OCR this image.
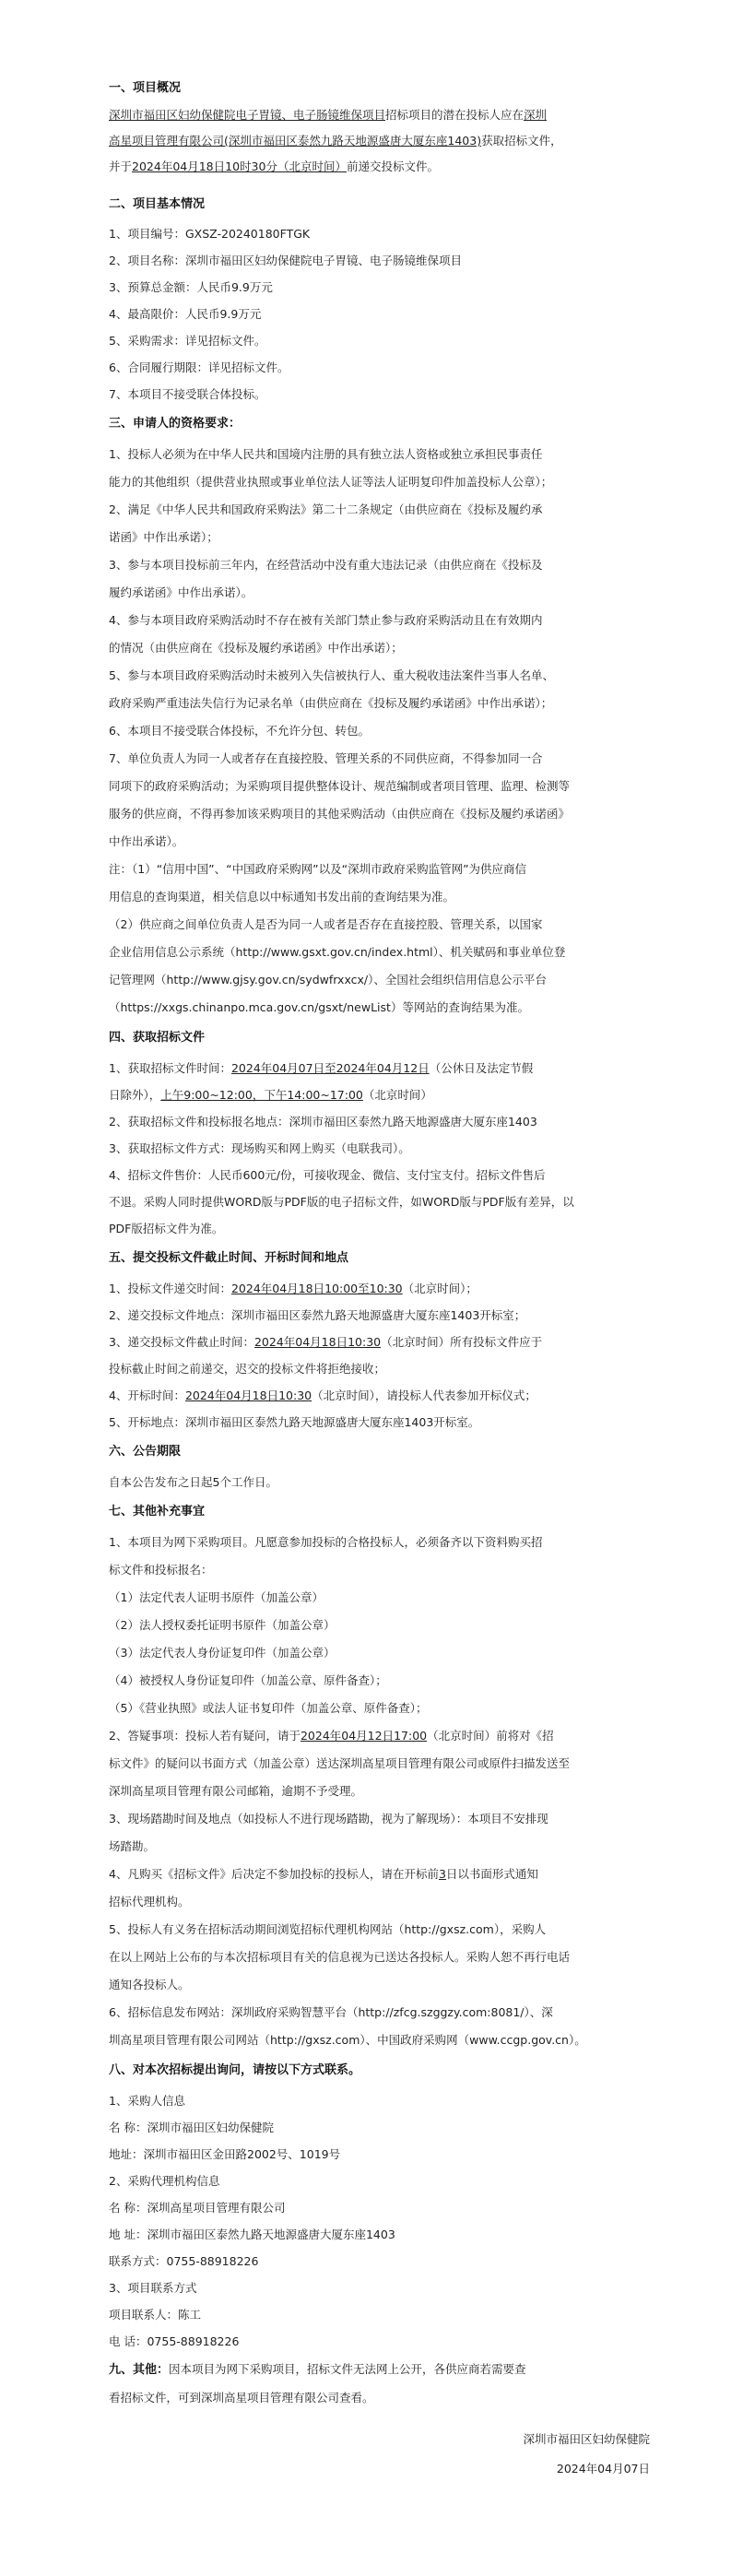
一、项目概况
深圳市福田区妇幼保健院电子胃镜、电子肠镜维保项目招标项目的潜在投标人应在深圳
高星项目管理有限公司(深圳市福田区泰然九路天地源盛唐大厦东座1403)获取招标文件，
并于2024年04月18日10时30分（北京时间）前递交投标文件。
二、项目基本情况
1、项目编号：GXSZ-20240180FTGK
2、项目名称：深圳市福田区妇幼保健院电子胃镜、电子肠镜维保项目
3、预算总金额：人民币9.9万元
4、最高限价：人民币9.9万元
5、采购需求：详见招标文件。
6、合同履行期限：详见招标文件。
7、本项目不接受联合体投标。
三、申请人的资格要求：
1、投标人必须为在中华人民共和国境内注册的具有独立法人资格或独立承担民事责任
能力的其他组织（提供营业执照或事业单位法人证等法人证明复印件加盖投标人公章）；
2、满足《中华人民共和国政府采购法》第二十二条规定（由供应商在《投标及履约承
诺函》中作出承诺）；
3、参与本项目投标前三年内，在经营活动中没有重大违法记录（由供应商在《投标及
履约承诺函》中作出承诺）。
4、参与本项目政府采购活动时不存在被有关部门禁止参与政府采购活动且在有效期内
的情况（由供应商在《投标及履约承诺函》中作出承诺）；
5、参与本项目政府采购活动时未被列入失信被执行人、重大税收违法案件当事人名单、
政府采购严重违法失信行为记录名单（由供应商在《投标及履约承诺函》中作出承诺）；
6、本项目不接受联合体投标，不允许分包、转包。
7、单位负责人为同一人或者存在直接控股、管理关系的不同供应商，不得参加同一合
同项下的政府采购活动；为采购项目提供整体设计、规范编制或者项目管理、监理、检测等
服务的供应商，不得再参加该采购项目的其他采购活动（由供应商在《投标及履约承诺函》
中作出承诺）。
注：（1）“信用中国”、“中国政府采购网”以及“深圳市政府采购监管网”为供应商信
用信息的查询渠道，相关信息以中标通知书发出前的查询结果为准。
（2）供应商之间单位负责人是否为同一人或者是否存在直接控股、管理关系，以国家
企业信用信息公示系统（http://www.gsxt.gov.cn/index.html）、机关赋码和事业单位登
记管理网（http://www.gjsy.gov.cn/sydwfrxxcx/）、全国社会组织信用信息公示平台
（https://xxgs.chinanpo.mca.gov.cn/gsxt/newList）等网站的查询结果为准。
四、获取招标文件
1、获取招标文件时间：2024年04月07日至2024年04月12日（公休日及法定节假
日除外），上午9:00~12:00，下午14:00~17:00（北京时间）
2、获取招标文件和投标报名地点：深圳市福田区泰然九路天地源盛唐大厦东座1403
3、获取招标文件方式：现场购买和网上购买（电联我司）。
4、招标文件售价：人民币600元/份，可接收现金、微信、支付宝支付。招标文件售后
不退。采购人同时提供WORD版与PDF版的电子招标文件，如WORD版与PDF版有差异，以
PDF版招标文件为准。
五、提交投标文件截止时间、开标时间和地点
1、投标文件递交时间：2024年04月18日10:00至10:30（北京时间）；
2、递交投标文件地点：深圳市福田区泰然九路天地源盛唐大厦东座1403开标室；
3、递交投标文件截止时间：2024年04月18日10:30（北京时间）所有投标文件应于
投标截止时间之前递交，迟交的投标文件将拒绝接收；
4、开标时间：2024年04月18日10:30（北京时间），请投标人代表参加开标仪式；
5、开标地点：深圳市福田区泰然九路天地源盛唐大厦东座1403开标室。
六、公告期限
自本公告发布之日起5个工作日。
七、其他补充事宜
1、本项目为网下采购项目。凡愿意参加投标的合格投标人，必须备齐以下资料购买招
标文件和投标报名：
（1）法定代表人证明书原件（加盖公章）
（2）法人授权委托证明书原件（加盖公章）
（3）法定代表人身份证复印件（加盖公章）
（4）被授权人身份证复印件（加盖公章、原件备查）；
（5）《营业执照》或法人证书复印件（加盖公章、原件备查）；
2、答疑事项：投标人若有疑问，请于2024年04月12日17:00（北京时间）前将对《招
标文件》的疑问以书面方式（加盖公章）送达深圳高星项目管理有限公司或原件扫描发送至
深圳高星项目管理有限公司邮箱，逾期不予受理。
3、现场踏勘时间及地点（如投标人不进行现场踏勘，视为了解现场）：本项目不安排现
场踏勘。
4、凡购买《招标文件》后决定不参加投标的投标人，请在开标前3日以书面形式通知
招标代理机构。
5、投标人有义务在招标活动期间浏览招标代理机构网站（http://gxsz.com），采购人
在以上网站上公布的与本次招标项目有关的信息视为已送达各投标人。采购人恕不再行电话
通知各投标人。
6、招标信息发布网站：深圳政府采购智慧平台（http://zfcg.szggzy.com:8081/）、深
圳高星项目管理有限公司网站（http://gxsz.com）、中国政府采购网（www.ccgp.gov.cn）。
八、对本次招标提出询问，请按以下方式联系。
1、采购人信息
名 称：深圳市福田区妇幼保健院
地址：深圳市福田区金田路2002号、1019号
2、采购代理机构信息
名 称：深圳高星项目管理有限公司
地 址：深圳市福田区泰然九路天地源盛唐大厦东座1403
联系方式：0755-88918226
3、项目联系方式
项目联系人：陈工
电 话：0755-88918226
九、其他：因本项目为网下采购项目，招标文件无法网上公开，各供应商若需要查
看招标文件，可到深圳高星项目管理有限公司查看。
深圳市福田区妇幼保健院
2024年04月07日
